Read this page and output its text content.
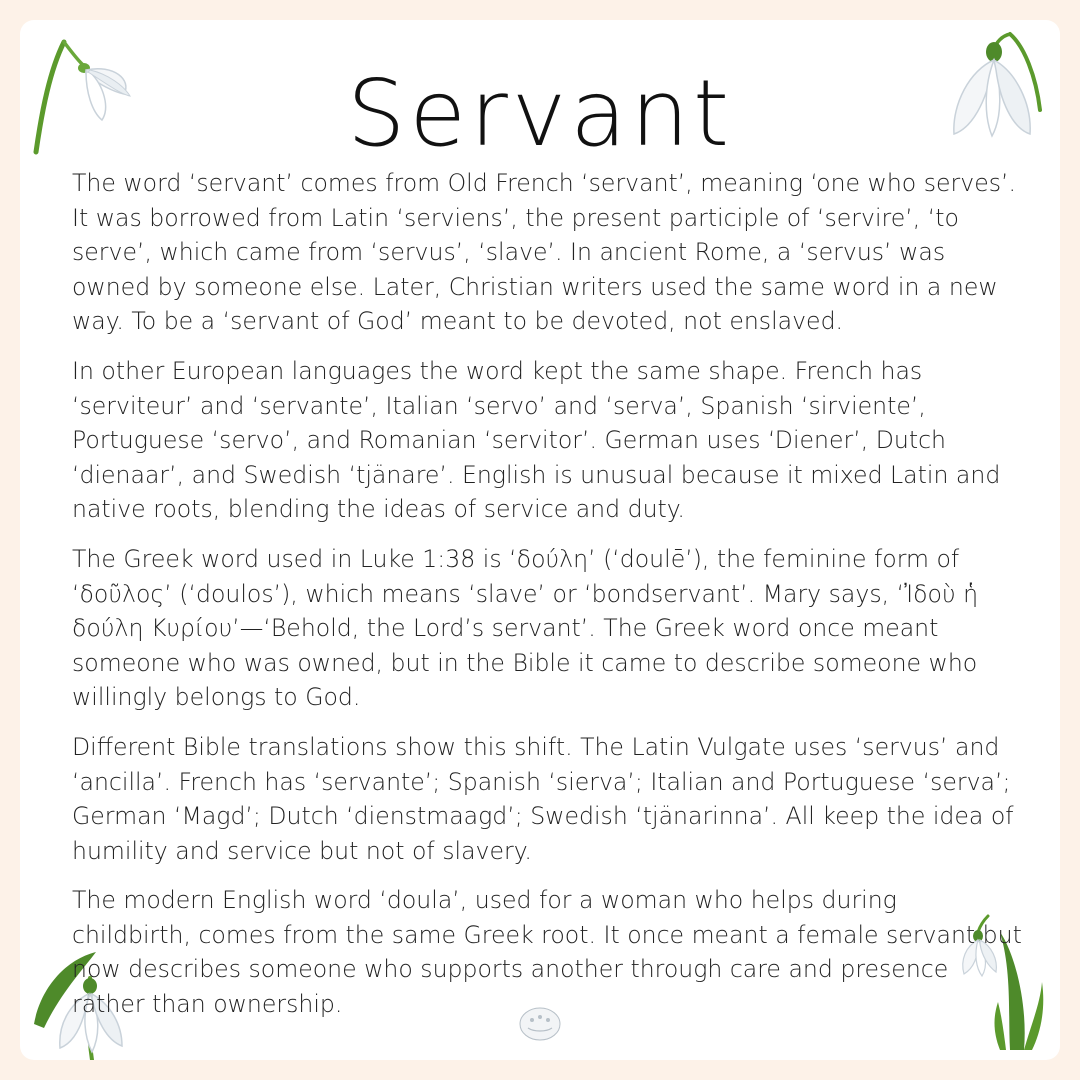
Servant

The word ‘servant’ comes from Old French ‘servant’, meaning ‘one who serves’. It was borrowed from Latin ‘serviens’, the present participle of ‘servire’, ‘to serve’, which came from ‘servus’, ‘slave’. In ancient Rome, a ‘servus’ was owned by someone else. Later, Christian writers used the same word in a new way. To be a ‘servant of God’ meant to be devoted, not enslaved.

In other European languages the word kept the same shape. French has ‘serviteur’ and ‘servante’, Italian ‘servo’ and ‘serva’, Spanish ‘sirviente’, Portuguese ‘servo’, and Romanian ‘servitor’. German uses ‘Diener’, Dutch ‘dienaar’, and Swedish ‘tjänare’. English is unusual because it mixed Latin and native roots, blending the ideas of service and duty.

The Greek word used in Luke 1:38 is ‘δούλη’ (‘doulē’), the feminine form of ‘δοῦλος’ (‘doulos’), which means ‘slave’ or ‘bondservant’. Mary says, ‘Ἰδοὺ ἡ δούλη Κυρίου’—‘Behold, the Lord’s servant’. The Greek word once meant someone who was owned, but in the Bible it came to describe someone who willingly belongs to God.

Different Bible translations show this shift. The Latin Vulgate uses ‘servus’ and ‘ancilla’. French has ‘servante’; Spanish ‘sierva’; Italian and Portuguese ‘serva’; German ‘Magd’; Dutch ‘dienstmaagd’; Swedish ‘tjänarinna’. All keep the idea of humility and service but not of slavery.

The modern English word ‘doula’, used for a woman who helps during childbirth, comes from the same Greek root. It once meant a female servant but now describes someone who supports another through care and presence rather than ownership.
